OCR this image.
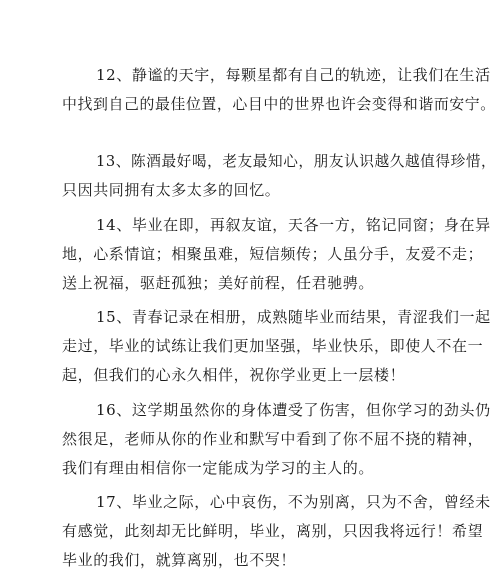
12、静谧的天宇，每颗星都有自己的轨迹，让我们在生活
中找到自己的最佳位置，心目中的世界也许会变得和谐而安宁。
13、陈酒最好喝，老友最知心，朋友认识越久越值得珍惜，
只因共同拥有太多太多的回忆。
14、毕业在即，再叙友谊，天各一方，铭记同窗；身在异
地，心系情谊；相聚虽难，短信频传；人虽分手，友爱不走；
送上祝福，驱赶孤独；美好前程，任君驰骋。
15、青春记录在相册，成熟随毕业而结果，青涩我们一起
走过，毕业的试练让我们更加坚强，毕业快乐，即使人不在一
起，但我们的心永久相伴，祝你学业更上一层楼！
16、这学期虽然你的身体遭受了伤害，但你学习的劲头仍
然很足，老师从你的作业和默写中看到了你不屈不挠的精神，
我们有理由相信你一定能成为学习的主人的。
17、毕业之际，心中哀伤，不为别离，只为不舍，曾经未
有感觉，此刻却无比鲜明，毕业，离别，只因我将远行！希望
毕业的我们，就算离别，也不哭！
